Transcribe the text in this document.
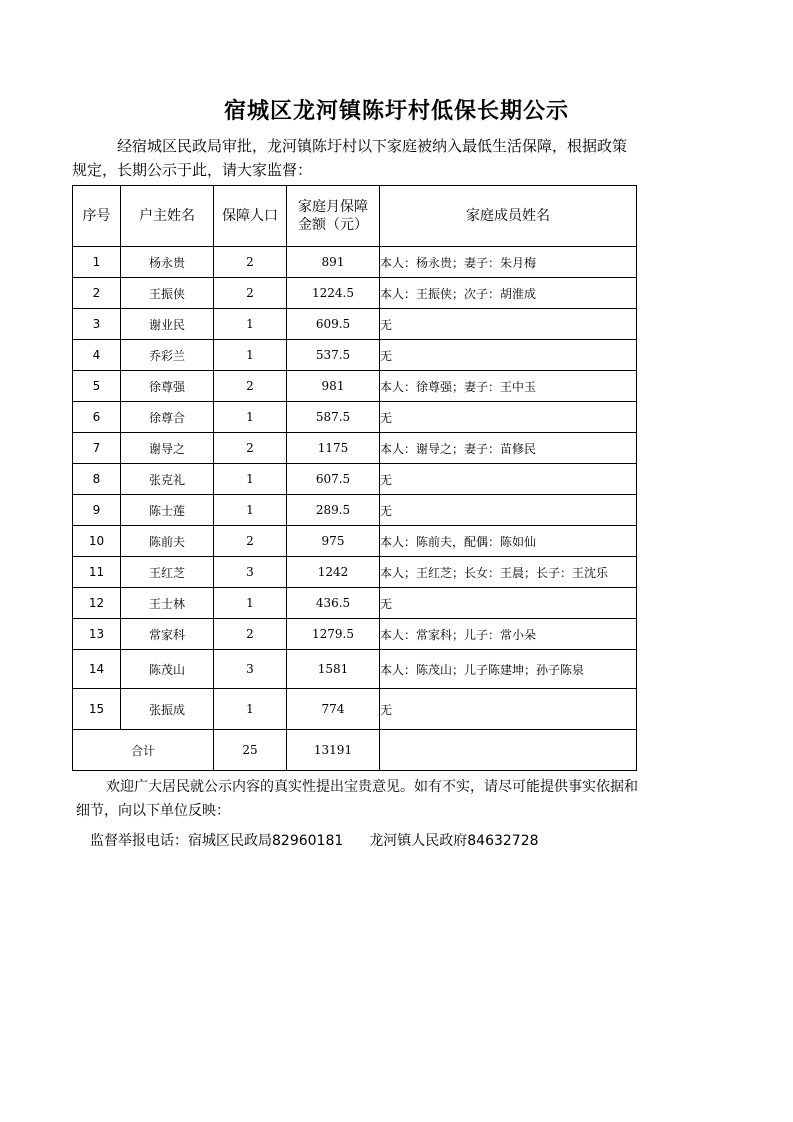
宿城区龙河镇陈圩村低保长期公示

经宿城区民政局审批，龙河镇陈圩村以下家庭被纳入最低生活保障，根据政策规定，长期公示于此，请大家监督：

序号	户主姓名	保障人口	家庭月保障
金额（元）	家庭成员姓名
1	杨永贵	2	891	本人：杨永贵；妻子：朱月梅
2	王振侠	2	1224.5	本人：王振侠；次子：胡淮成
3	谢业民	1	609.5	无
4	乔彩兰	1	537.5	无
5	徐尊强	2	981	本人：徐尊强；妻子：王中玉
6	徐尊合	1	587.5	无
7	谢导之	2	1175	本人：谢导之；妻子：苗修民
8	张克礼	1	607.5	无
9	陈士莲	1	289.5	无
10	陈前夫	2	975	本人：陈前夫，配偶：陈如仙
11	王红芝	3	1242	本人；王红芝；长女：王晨；长子：王沈乐
12	王士林	1	436.5	无
13	常家科	2	1279.5	本人：常家科；儿子：常小朵
14	陈茂山	3	1581	本人：陈茂山；儿子陈建坤；孙子陈泉
15	张振成	1	774	无
合计		25	13191	

欢迎广大居民就公示内容的真实性提出宝贵意见。如有不实，请尽可能提供事实依据和细节，向以下单位反映：

监督举报电话：宿城区民政局82960181 龙河镇人民政府84632728
